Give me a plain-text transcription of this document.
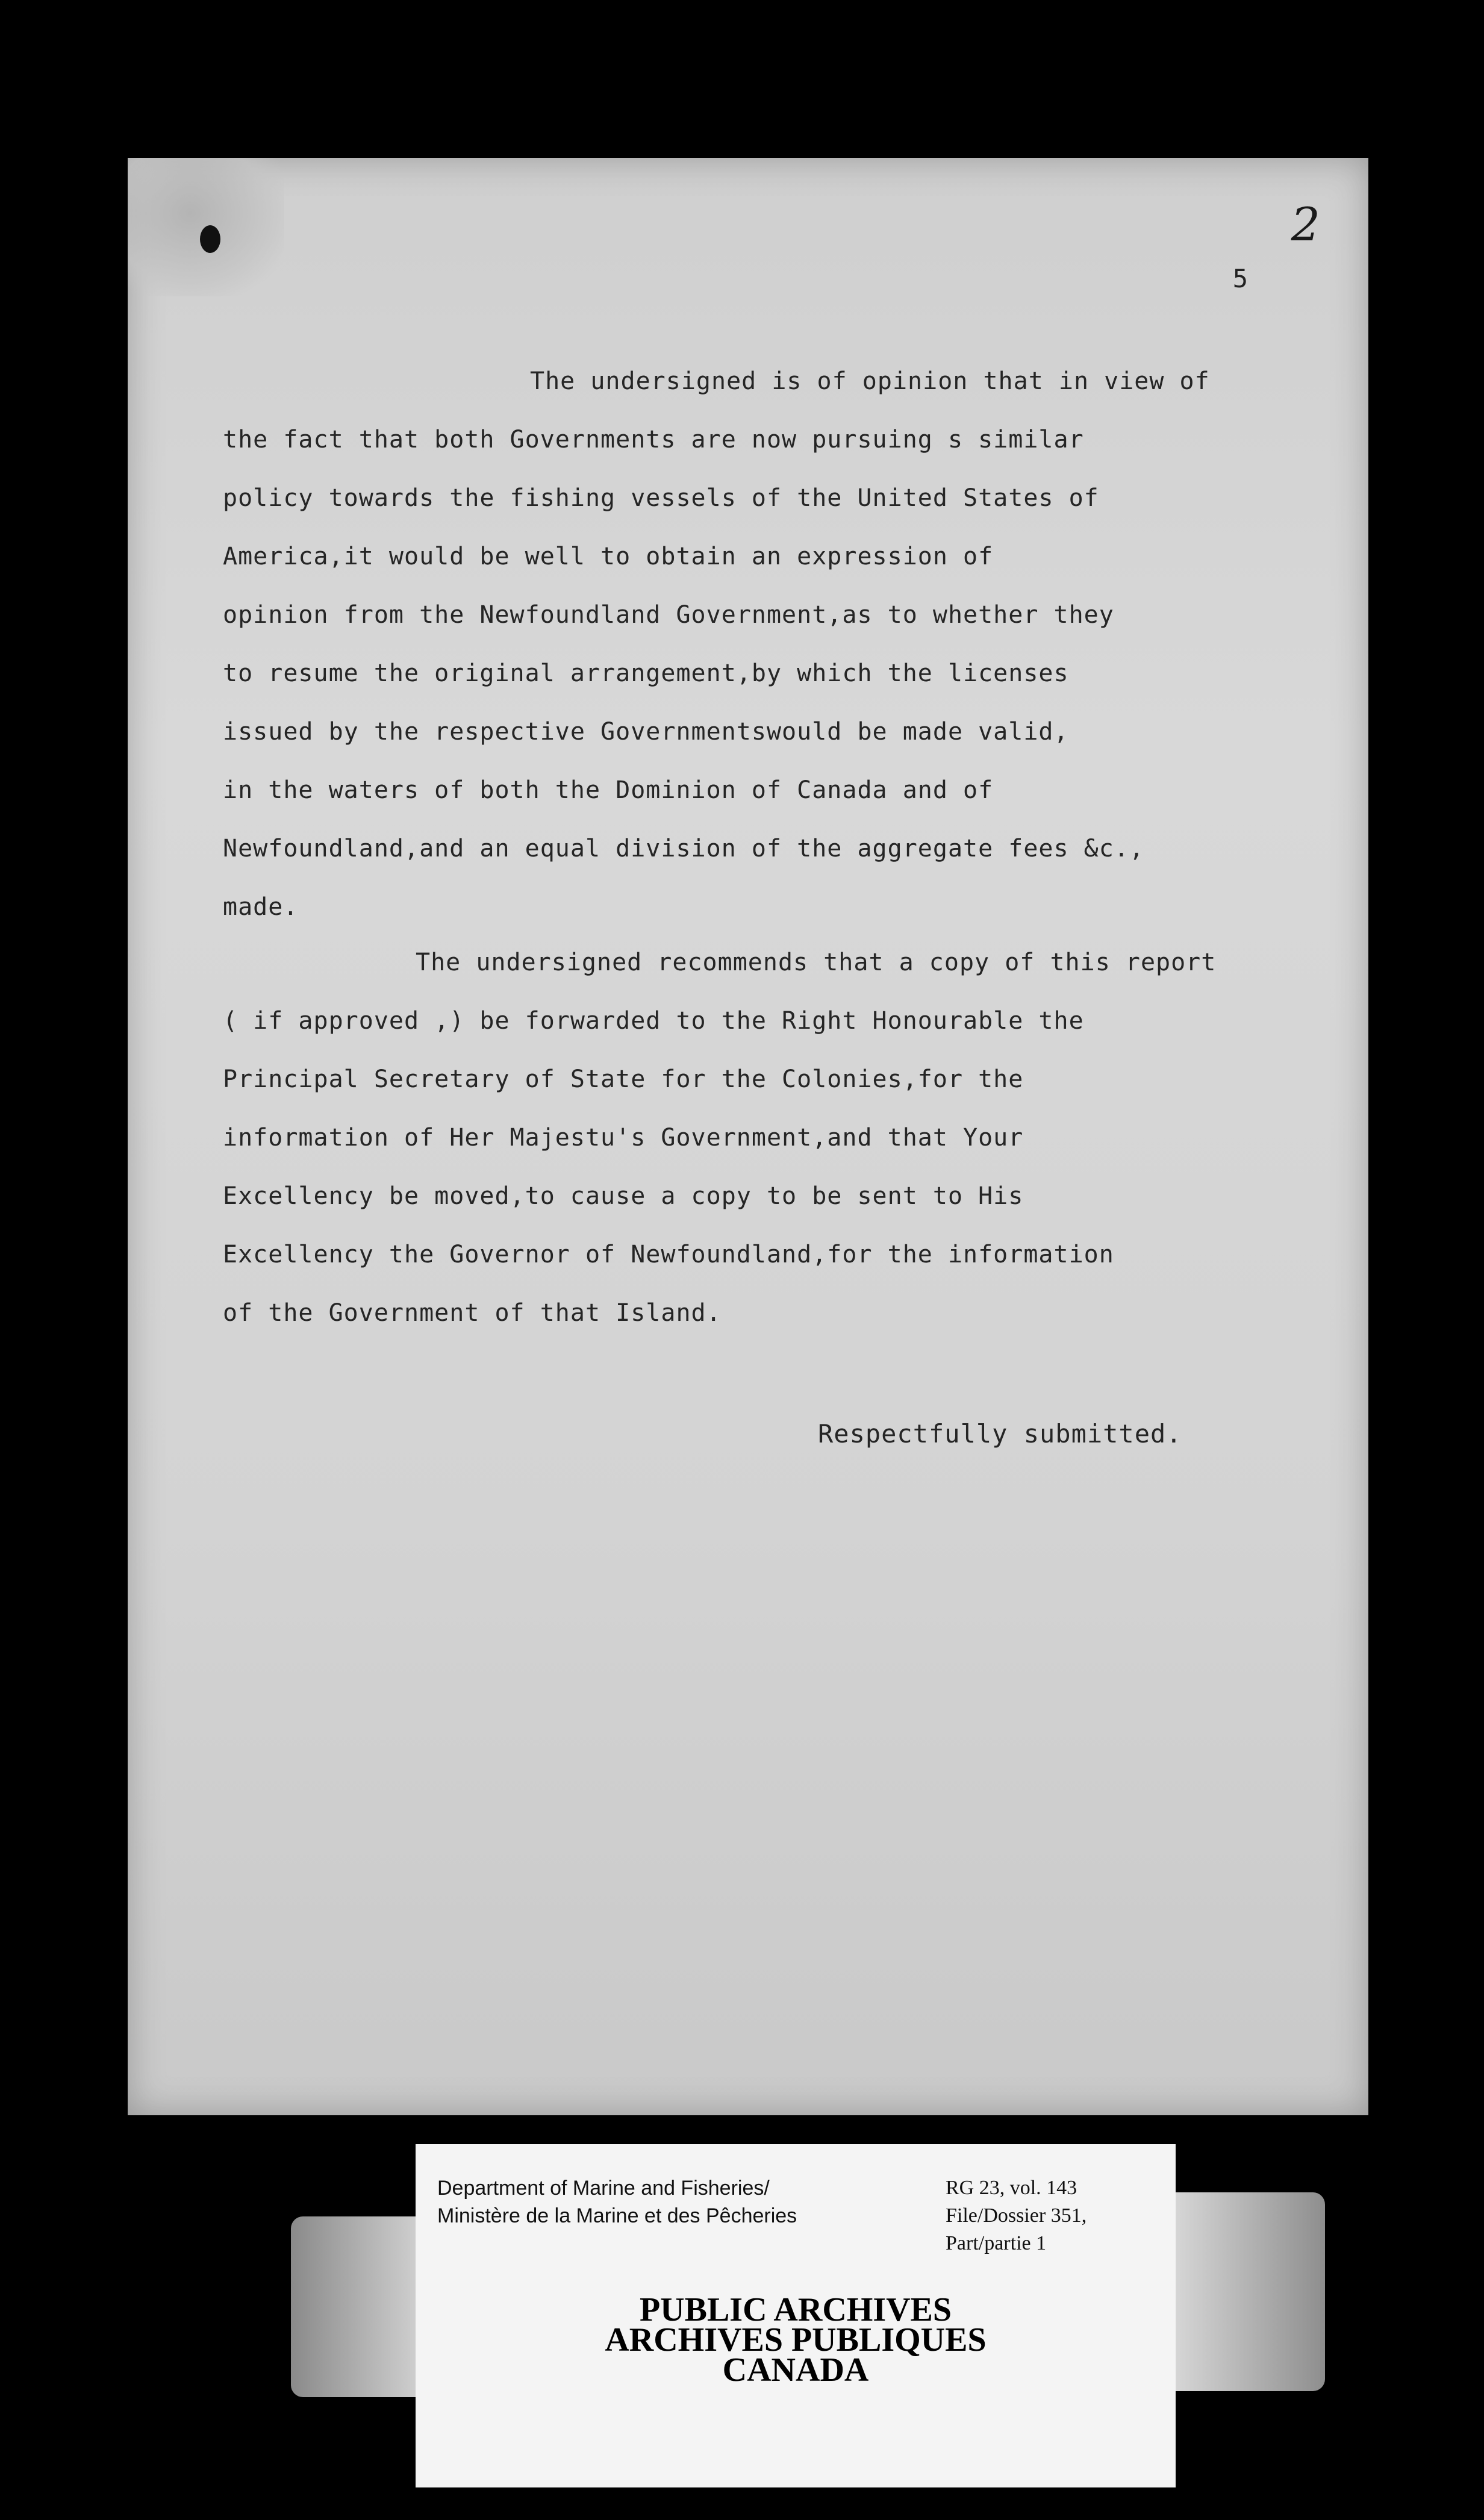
2
5
The undersigned is of opinion that in view of
the fact that both Governments are now pursuing s similar
policy towards the fishing vessels of the United States of
America,it would be well to obtain an expression of
opinion from the Newfoundland Government,as to whether they
to resume the original arrangement,by which the licenses
issued by the respective Governmentswould be made valid,
in the waters of both the Dominion of Canada and of
Newfoundland,and an equal division of the aggregate fees &c.,
made.
The undersigned recommends that a copy of this report
( if approved ,) be forwarded to the Right Honourable the
Principal Secretary of State for the Colonies,for the
information of Her Majestu's Government,and that Your
Excellency be moved,to cause a copy to be sent to His
Excellency the Governor of Newfoundland,for the information
of the Government of that Island.
Respectfully submitted.
Department of Marine and Fisheries/
Ministère de la Marine et des Pêcheries
RG 23, vol. 143
File/Dossier 351,
Part/partie 1
PUBLIC ARCHIVES
ARCHIVES PUBLIQUES
CANADA
